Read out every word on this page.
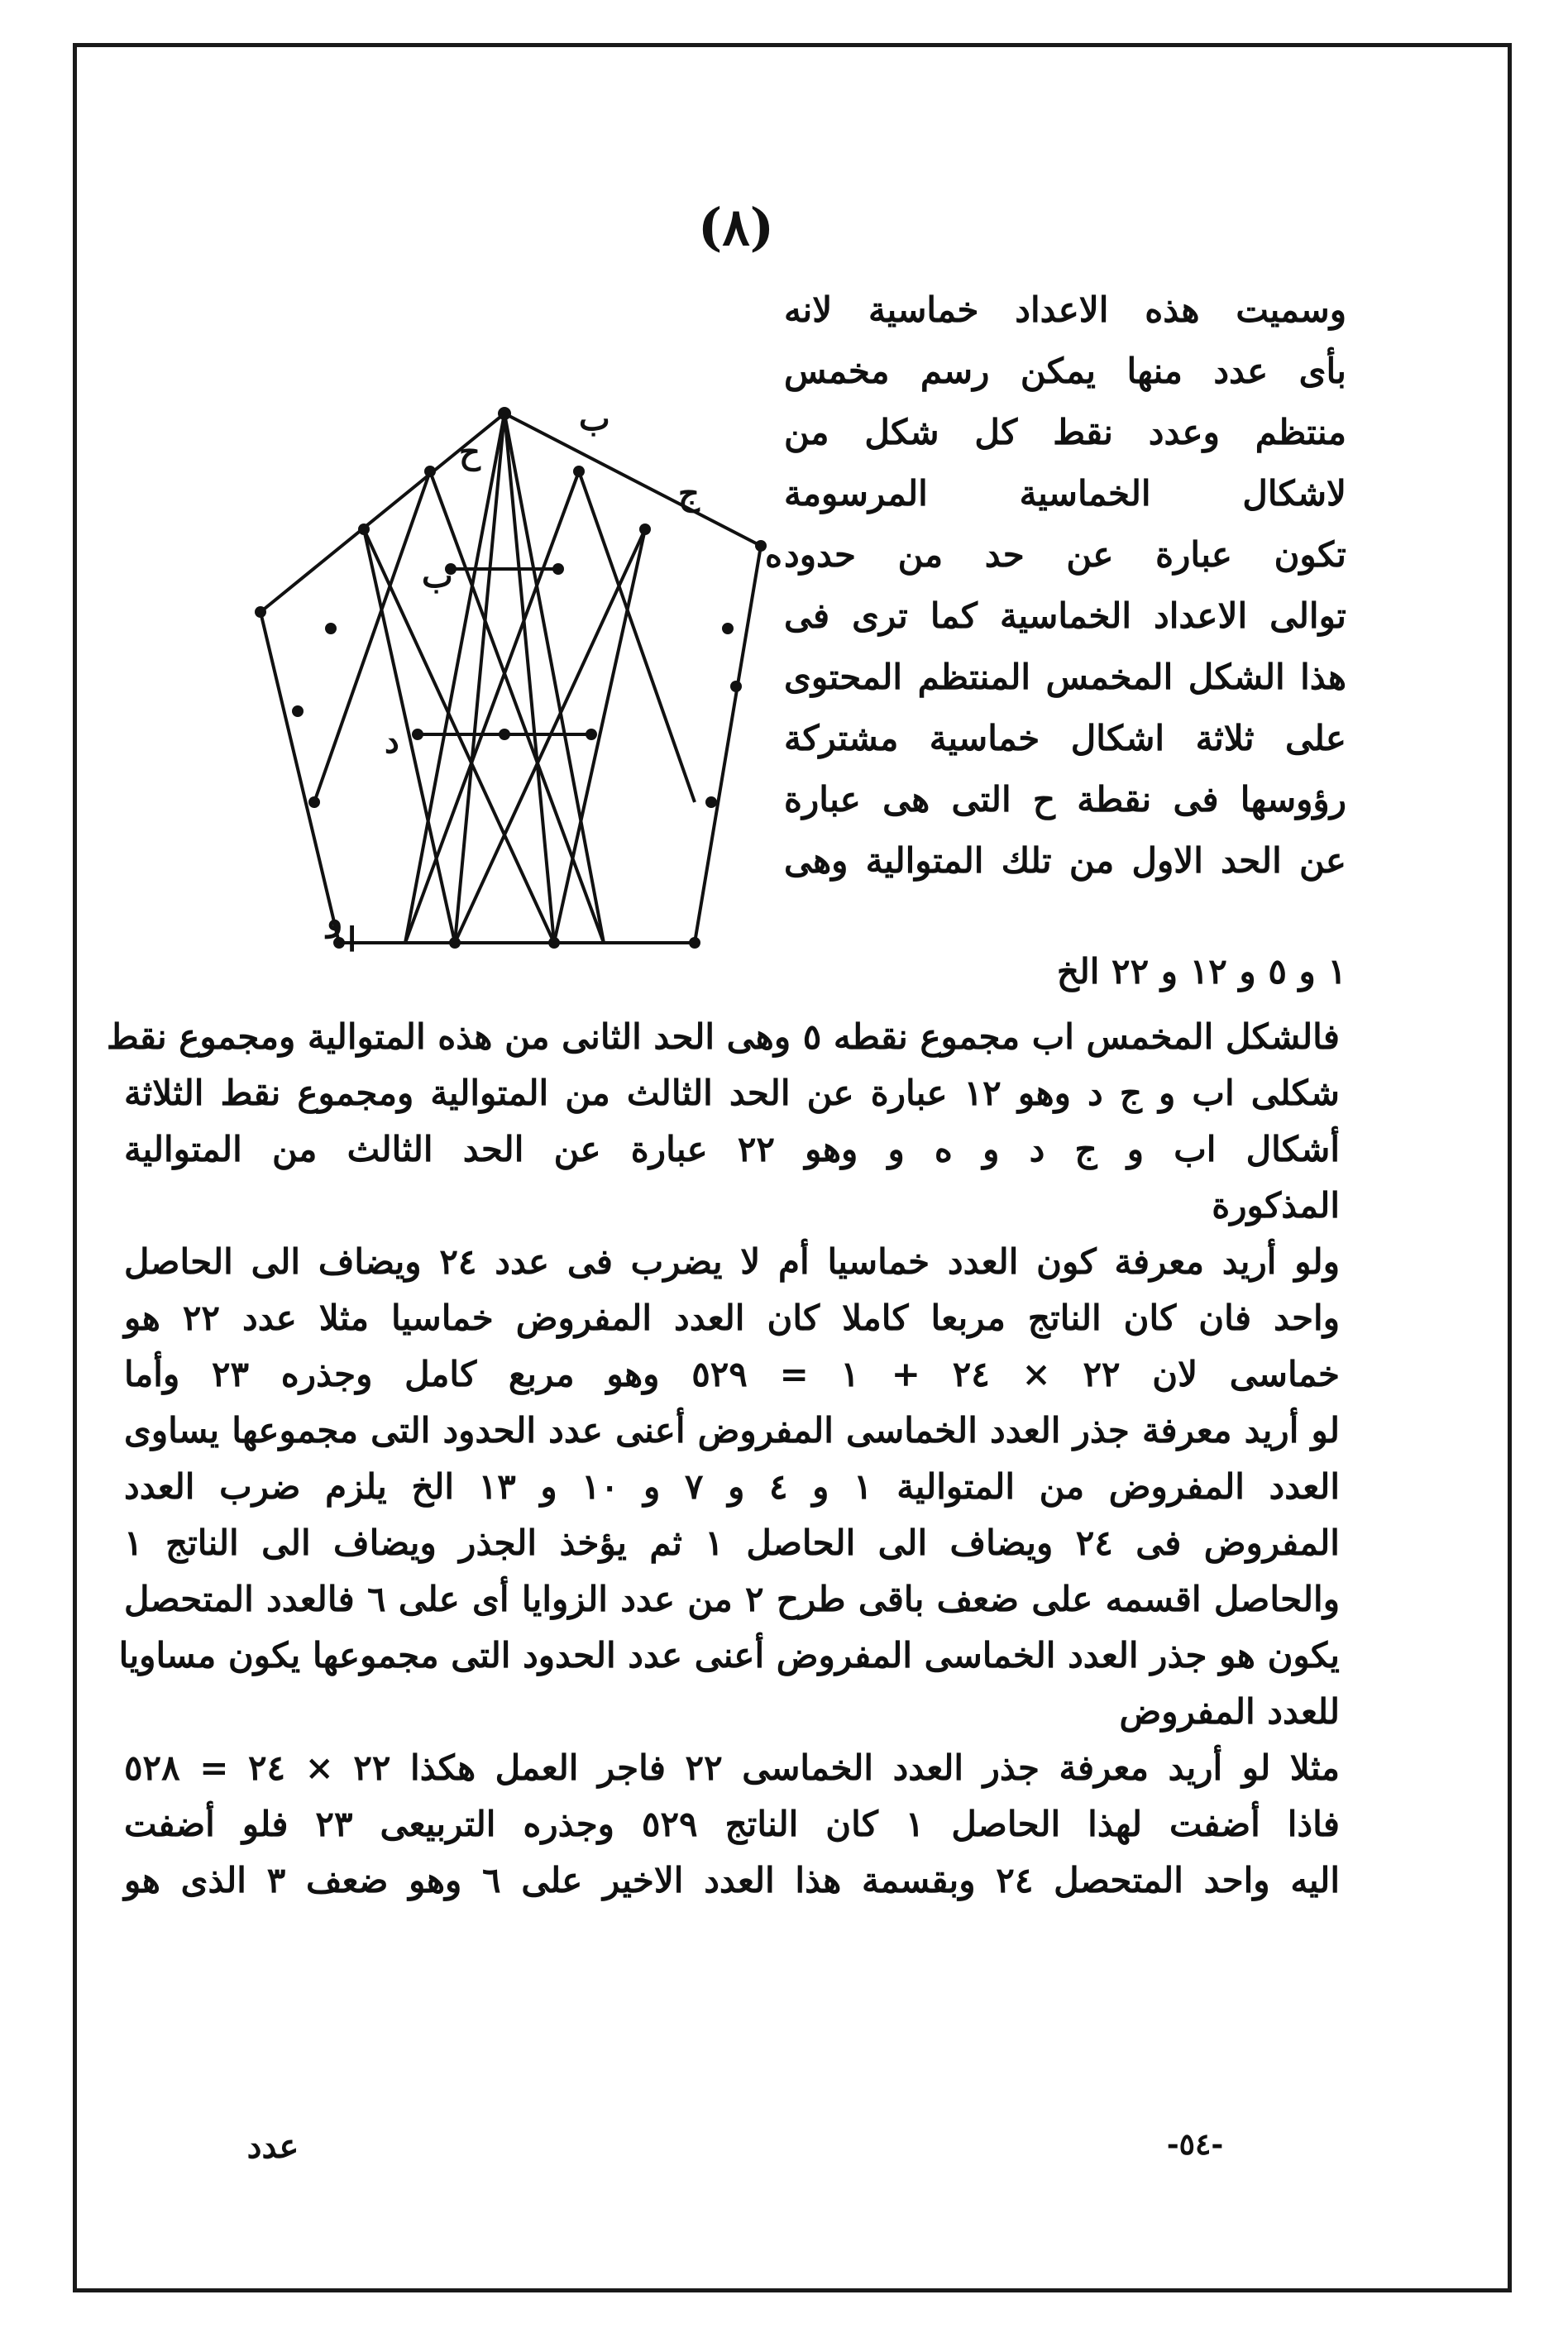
(٨)
ح
ب
ب
ج
ه
د
و
ا
وسميت هذه الاعداد خماسية لانه
بأى عدد منها يمكن رسم مخمس
منتظم وعدد نقط كل شكل من
لاشكال الخماسية المرسومة
تكون عبارة عن حد من حدود
توالى الاعداد الخماسية كما ترى فى
هذا الشكل المخمس المنتظم المحتوى
على ثلاثة اشكال خماسية مشتركة
رؤوسها فى نقطة ح التى هى عبارة
عن الحد الاول من تلك المتوالية وهى
١ و ٥ و ١٢ و ٢٢ الخ
فالشكل المخمس اب مجموع نقطه ٥ وهى الحد الثانى من هذه المتوالية ومجموع نقط
شكلى اب و ج د وهو ١٢ عبارة عن الحد الثالث من المتوالية ومجموع نقط الثلاثة
أشكال اب و ج د و ه و وهو ٢٢ عبارة عن الحد الثالث من المتوالية
المذكورة
ولو أريد معرفة كون العدد خماسيا أم لا يضرب فى عدد ٢٤ ويضاف الى الحاصل
واحد فان كان الناتج مربعا كاملا كان العدد المفروض خماسيا مثلا عدد ٢٢ هو
خماسى لان ٢٢ × ٢٤ + ١ = ٥٢٩ وهو مربع كامل وجذره ٢٣ وأما
لو أريد معرفة جذر العدد الخماسى المفروض أعنى عدد الحدود التى مجموعها يساوى
العدد المفروض من المتوالية ١ و ٤ و ٧ و ١٠ و ١٣ الخ يلزم ضرب العدد
المفروض فى ٢٤ ويضاف الى الحاصل ١ ثم يؤخذ الجذر ويضاف الى الناتج ١
والحاصل اقسمه على ضعف باقى طرح ٢ من عدد الزوايا أى على ٦ فالعدد المتحصل
يكون هو جذر العدد الخماسى المفروض أعنى عدد الحدود التى مجموعها يكون مساويا
للعدد المفروض
مثلا لو أريد معرفة جذر العدد الخماسى ٢٢ فاجر العمل هكذا ٢٢ × ٢٤ = ٥٢٨
فاذا أضفت لهذا الحاصل ١ كان الناتج ٥٢٩ وجذره التربيعى ٢٣ فلو أضفت
اليه واحد المتحصل ٢٤ وبقسمة هذا العدد الاخير على ٦ وهو ضعف ٣ الذى هو
عدد	-٥٤-
